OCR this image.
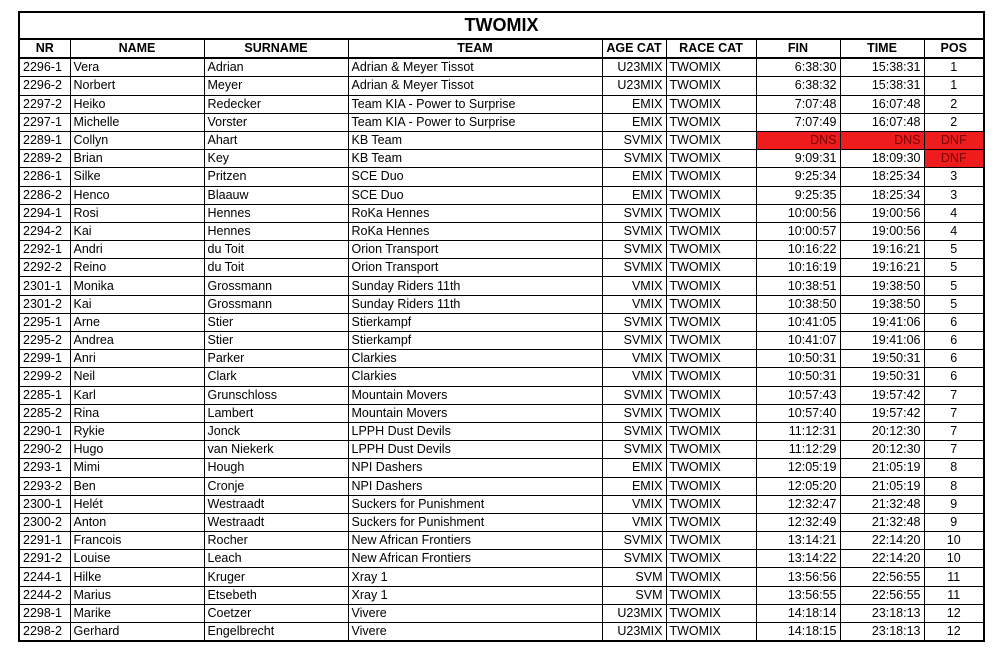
TWOMIX								
NR	NAME	SURNAME	TEAM	AGE CAT	RACE CAT	FIN	TIME	POS
2296-1	Vera	Adrian	Adrian & Meyer Tissot	U23MIX	TWOMIX	6:38:30	15:38:31	1
2296-2	Norbert	Meyer	Adrian & Meyer Tissot	U23MIX	TWOMIX	6:38:32	15:38:31	1
2297-2	Heiko	Redecker	Team KIA - Power to Surprise	EMIX	TWOMIX	7:07:48	16:07:48	2
2297-1	Michelle	Vorster	Team KIA - Power to Surprise	EMIX	TWOMIX	7:07:49	16:07:48	2
2289-1	Collyn	Ahart	KB Team	SVMIX	TWOMIX	DNS	DNS	DNF
2289-2	Brian	Key	KB Team	SVMIX	TWOMIX	9:09:31	18:09:30	DNF
2286-1	Silke	Pritzen	SCE Duo	EMIX	TWOMIX	9:25:34	18:25:34	3
2286-2	Henco	Blaauw	SCE Duo	EMIX	TWOMIX	9:25:35	18:25:34	3
2294-1	Rosi	Hennes	RoKa Hennes	SVMIX	TWOMIX	10:00:56	19:00:56	4
2294-2	Kai	Hennes	RoKa Hennes	SVMIX	TWOMIX	10:00:57	19:00:56	4
2292-1	Andri	du Toit	Orion Transport	SVMIX	TWOMIX	10:16:22	19:16:21	5
2292-2	Reino	du Toit	Orion Transport	SVMIX	TWOMIX	10:16:19	19:16:21	5
2301-1	Monika	Grossmann	Sunday Riders 11th	VMIX	TWOMIX	10:38:51	19:38:50	5
2301-2	Kai	Grossmann	Sunday Riders 11th	VMIX	TWOMIX	10:38:50	19:38:50	5
2295-1	Arne	Stier	Stierkampf	SVMIX	TWOMIX	10:41:05	19:41:06	6
2295-2	Andrea	Stier	Stierkampf	SVMIX	TWOMIX	10:41:07	19:41:06	6
2299-1	Anri	Parker	Clarkies	VMIX	TWOMIX	10:50:31	19:50:31	6
2299-2	Neil	Clark	Clarkies	VMIX	TWOMIX	10:50:31	19:50:31	6
2285-1	Karl	Grunschloss	Mountain Movers	SVMIX	TWOMIX	10:57:43	19:57:42	7
2285-2	Rina	Lambert	Mountain Movers	SVMIX	TWOMIX	10:57:40	19:57:42	7
2290-1	Rykie	Jonck	LPPH Dust Devils	SVMIX	TWOMIX	11:12:31	20:12:30	7
2290-2	Hugo	van Niekerk	LPPH Dust Devils	SVMIX	TWOMIX	11:12:29	20:12:30	7
2293-1	Mimi	Hough	NPI Dashers	EMIX	TWOMIX	12:05:19	21:05:19	8
2293-2	Ben	Cronje	NPI Dashers	EMIX	TWOMIX	12:05:20	21:05:19	8
2300-1	Helét	Westraadt	Suckers for Punishment	VMIX	TWOMIX	12:32:47	21:32:48	9
2300-2	Anton	Westraadt	Suckers for Punishment	VMIX	TWOMIX	12:32:49	21:32:48	9
2291-1	Francois	Rocher	New African Frontiers	SVMIX	TWOMIX	13:14:21	22:14:20	10
2291-2	Louise	Leach	New African Frontiers	SVMIX	TWOMIX	13:14:22	22:14:20	10
2244-1	Hilke	Kruger	Xray 1	SVM	TWOMIX	13:56:56	22:56:55	11
2244-2	Marius	Etsebeth	Xray 1	SVM	TWOMIX	13:56:55	22:56:55	11
2298-1	Marike	Coetzer	Vivere	U23MIX	TWOMIX	14:18:14	23:18:13	12
2298-2	Gerhard	Engelbrecht	Vivere	U23MIX	TWOMIX	14:18:15	23:18:13	12
